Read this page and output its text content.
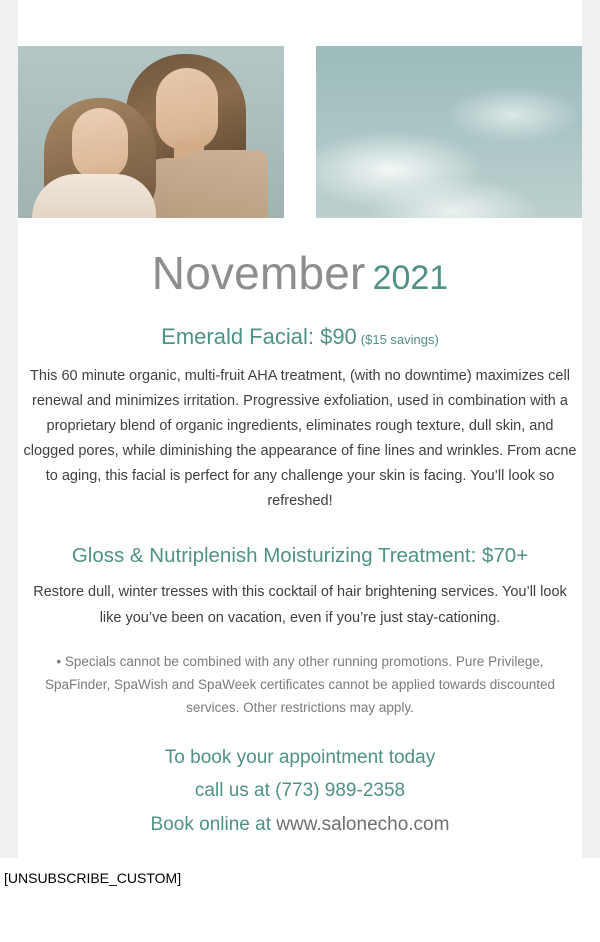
November 2021
Emerald Facial: $90 ($15 savings)
This 60 minute organic, multi-fruit AHA treatment, (with no downtime) maximizes cell renewal and minimizes irritation. Progressive exfoliation, used in combination with a proprietary blend of organic ingredients, eliminates rough texture, dull skin, and clogged pores, while diminishing the appearance of fine lines and wrinkles. From acne to aging, this facial is perfect for any challenge your skin is facing. You’ll look so refreshed!
Gloss & Nutriplenish Moisturizing Treatment: $70+
Restore dull, winter tresses with this cocktail of hair brightening services. You’ll look like you’ve been on vacation, even if you’re just stay-cationing.
• Specials cannot be combined with any other running promotions. Pure Privilege, SpaFinder, SpaWish and SpaWeek certificates cannot be applied towards discounted services. Other restrictions may apply.
To book your appointment today
call us at (773) 989-2358
Book online at www.salonecho.com
[UNSUBSCRIBE_CUSTOM]
